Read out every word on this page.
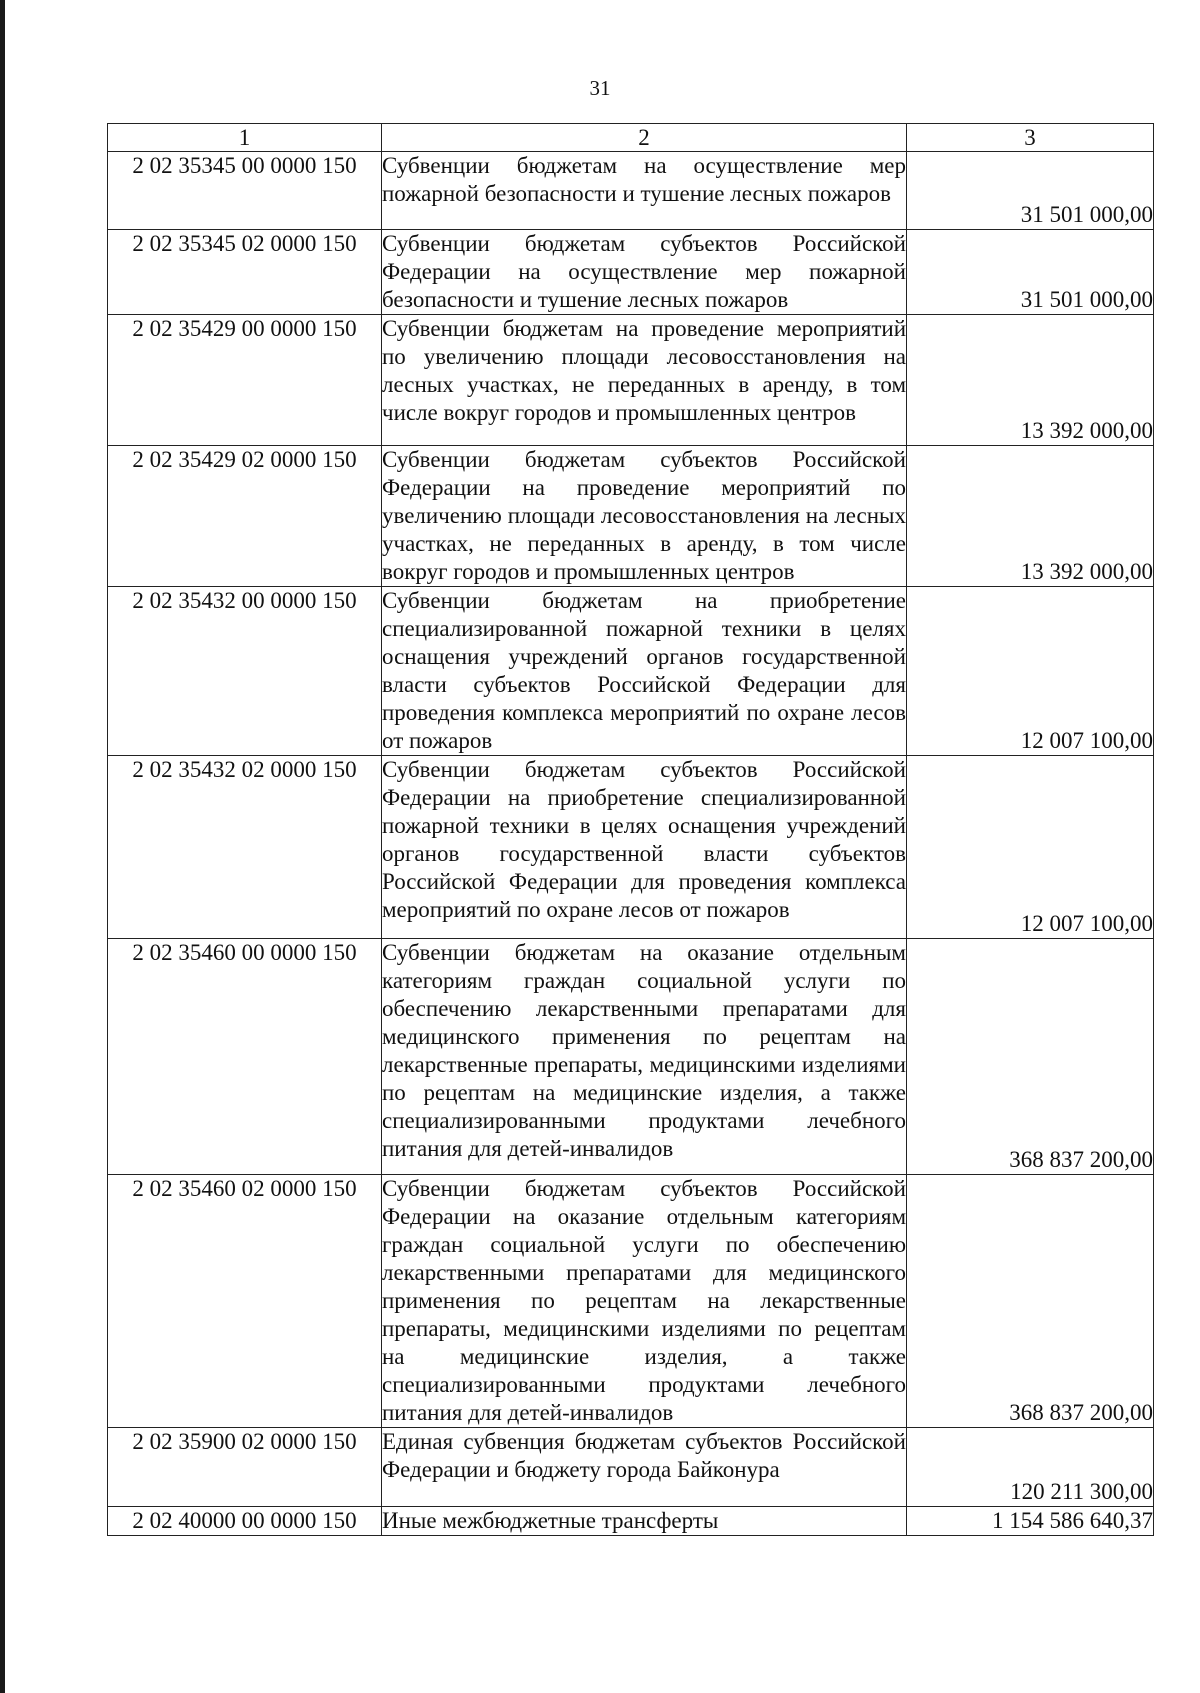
31
1	2	3
2 02 35345 00 0000 150	Субвенции бюджетам на осуществление мер пожарной безопасности и тушение лесных пожаров	31 501 000,00
2 02 35345 02 0000 150	Субвенции бюджетам субъектов Российской Федерации на осуществление мер пожарной безопасности и тушение лесных пожаров	31 501 000,00
2 02 35429 00 0000 150	Субвенции бюджетам на проведение мероприятий по увеличению площади лесовосстановления на лесных участках, не переданных в аренду, в том числе вокруг городов и промышленных центров	13 392 000,00
2 02 35429 02 0000 150	Субвенции бюджетам субъектов Российской Федерации на проведение мероприятий по увеличению площади лесовосстановления на лесных участках, не переданных в аренду, в том числе вокруг городов и промышленных центров	13 392 000,00
2 02 35432 00 0000 150	Субвенции бюджетам на приобретение специализированной пожарной техники в целях оснащения учреждений органов государственной власти субъектов Российской Федерации для проведения комплекса мероприятий по охране лесов от пожаров	12 007 100,00
2 02 35432 02 0000 150	Субвенции бюджетам субъектов Российской Федерации на приобретение специализированной пожарной техники в целях оснащения учреждений органов государственной власти субъектов Российской Федерации для проведения комплекса мероприятий по охране лесов от пожаров	12 007 100,00
2 02 35460 00 0000 150	Субвенции бюджетам на оказание отдельным категориям граждан социальной услуги по обеспечению лекарственными препаратами для медицинского применения по рецептам на лекарственные препараты, медицинскими изделиями по рецептам на медицинские изделия, а также специализированными продуктами лечебного питания для детей-инвалидов	368 837 200,00
2 02 35460 02 0000 150	Субвенции бюджетам субъектов Российской Федерации на оказание отдельным категориям граждан социальной услуги по обеспечению лекарственными препаратами для медицинского применения по рецептам на лекарственные препараты, медицинскими изделиями по рецептам на медицинские изделия, а также специализированными продуктами лечебного питания для детей-инвалидов	368 837 200,00
2 02 35900 02 0000 150	Единая субвенция бюджетам субъектов Российской Федерации и бюджету города Байконура	120 211 300,00
2 02 40000 00 0000 150	Иные межбюджетные трансферты	1 154 586 640,37
